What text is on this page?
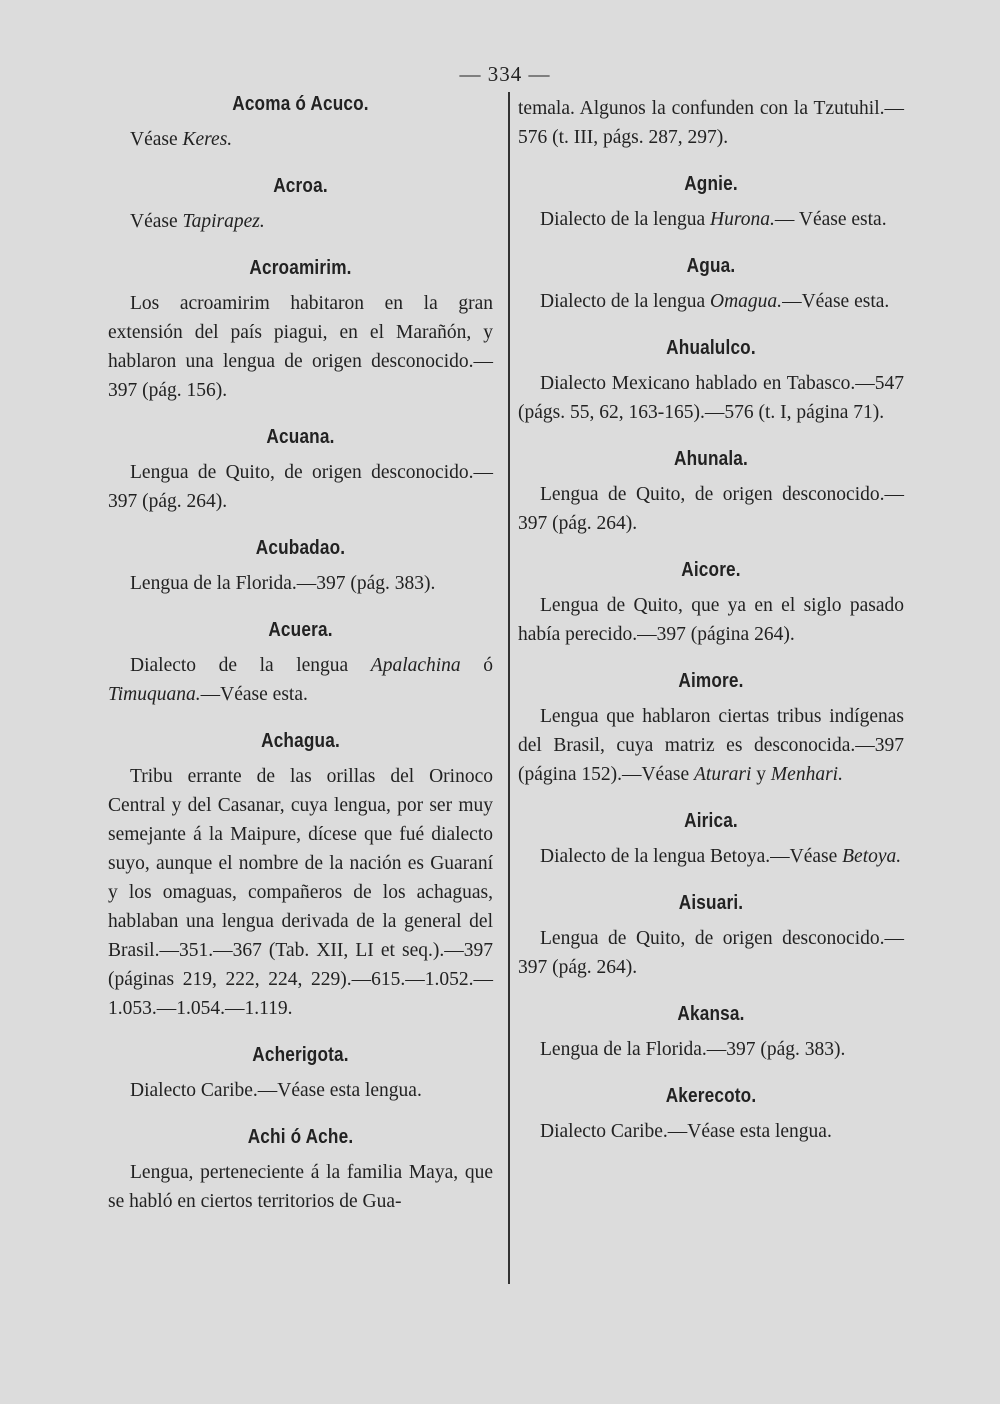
— 334 —
Acoma ó Acuco.
Véase Keres.
Acroa.
Véase Tapirapez.
Acroamirim.
Los acroamirim habitaron en la gran extensión del país piagui, en el Marañón, y hablaron una lengua de origen desconocido.—397 (pág. 156).
Acuana.
Lengua de Quito, de origen desconocido.—397 (pág. 264).
Acubadao.
Lengua de la Florida.—397 (pág. 383).
Acuera.
Dialecto de la lengua Apalachina ó Timuquana.—Véase esta.
Achagua.
Tribu errante de las orillas del Orinoco Central y del Casanar, cuya lengua, por ser muy semejante á la Maipure, dícese que fué dialecto suyo, aunque el nombre de la nación es Guaraní y los omaguas, compañeros de los achaguas, hablaban una lengua derivada de la general del Brasil.—351.—367 (Tab. XII, LI et seq.).—397 (páginas 219, 222, 224, 229).—615.—1.052.—1.053.—1.054.—1.119.
Acherigota.
Dialecto Caribe.—Véase esta lengua.
Achi ó Ache.
Lengua, perteneciente á la familia Maya, que se habló en ciertos territorios de Gua-
temala. Algunos la confunden con la Tzutuhil.—576 (t. III, págs. 287, 297).
Agnie.
Dialecto de la lengua Hurona.— Véase esta.
Agua.
Dialecto de la lengua Omagua.—Véase esta.
Ahualulco.
Dialecto Mexicano hablado en Tabasco.—547 (págs. 55, 62, 163-165).—576 (t. I, página 71).
Ahunala.
Lengua de Quito, de origen desconocido.—397 (pág. 264).
Aicore.
Lengua de Quito, que ya en el siglo pasado había perecido.—397 (página 264).
Aimore.
Lengua que hablaron ciertas tribus indígenas del Brasil, cuya matriz es desconocida.—397 (página 152).—Véase Aturari y Menhari.
Airica.
Dialecto de la lengua Betoya.—Véase Betoya.
Aisuari.
Lengua de Quito, de origen desconocido.—397 (pág. 264).
Akansa.
Lengua de la Florida.—397 (pág. 383).
Akerecoto.
Dialecto Caribe.—Véase esta lengua.
